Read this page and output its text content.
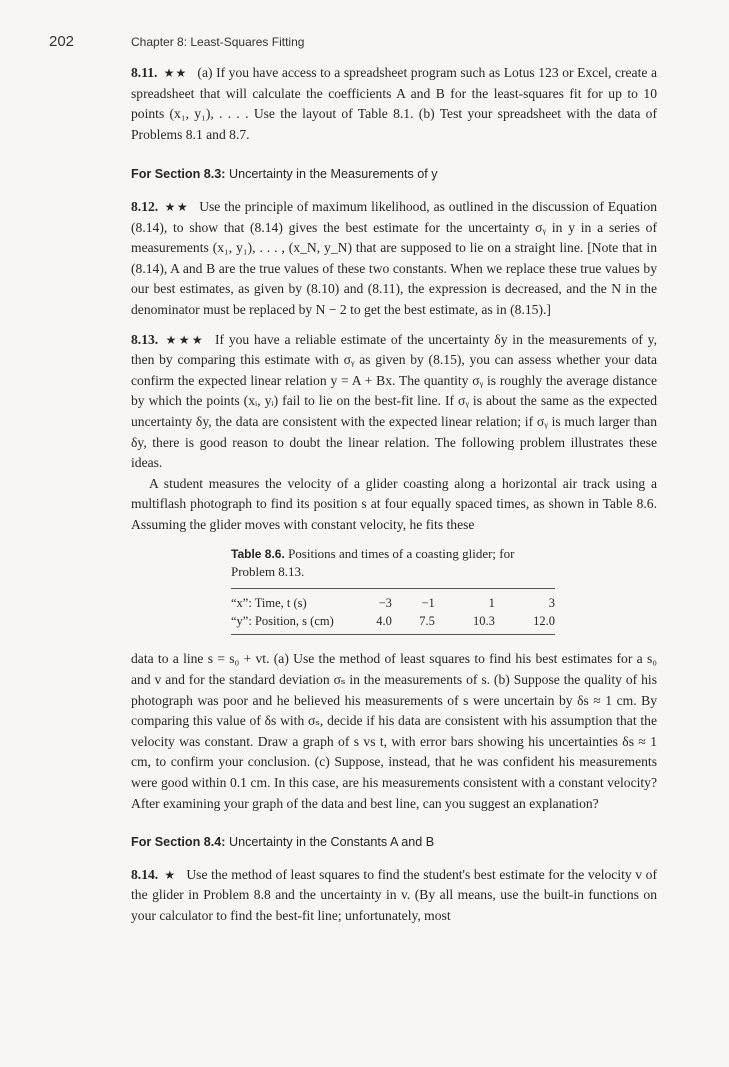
202	Chapter 8: Least-Squares Fitting

8.11. ★★ (a) If you have access to a spreadsheet program such as Lotus 123 or Excel, create a spreadsheet that will calculate the coefficients A and B for the least-squares fit for up to 10 points (x₁, y₁), . . . . Use the layout of Table 8.1. (b) Test your spreadsheet with the data of Problems 8.1 and 8.7.

For Section 8.3: Uncertainty in the Measurements of y

8.12. ★★ Use the principle of maximum likelihood, as outlined in the discussion of Equation (8.14), to show that (8.14) gives the best estimate for the uncertainty σᵧ in y in a series of measurements (x₁, y₁), . . . , (x_N, y_N) that are supposed to lie on a straight line. [Note that in (8.14), A and B are the true values of these two constants. When we replace these true values by our best estimates, as given by (8.10) and (8.11), the expression is decreased, and the N in the denominator must be replaced by N − 2 to get the best estimate, as in (8.15).]

8.13. ★★★ If you have a reliable estimate of the uncertainty δy in the measurements of y, then by comparing this estimate with σᵧ as given by (8.15), you can assess whether your data confirm the expected linear relation y = A + Bx. The quantity σᵧ is roughly the average distance by which the points (xᵢ, yᵢ) fail to lie on the best-fit line. If σᵧ is about the same as the expected uncertainty δy, the data are consistent with the expected linear relation; if σᵧ is much larger than δy, there is good reason to doubt the linear relation. The following problem illustrates these ideas.

A student measures the velocity of a glider coasting along a horizontal air track using a multiflash photograph to find its position s at four equally spaced times, as shown in Table 8.6. Assuming the glider moves with constant velocity, he fits these

Table 8.6. Positions and times of a coasting glider; for Problem 8.13.
“x”: Time, t (s)	−3	−1	1	3
“y”: Position, s (cm)	4.0	7.5	10.3	12.0

data to a line s = s₀ + vt. (a) Use the method of least squares to find his best estimates for a s₀ and v and for the standard deviation σₛ in the measurements of s. (b) Suppose the quality of his photograph was poor and he believed his measurements of s were uncertain by δs ≈ 1 cm. By comparing this value of δs with σₛ, decide if his data are consistent with his assumption that the velocity was constant. Draw a graph of s vs t, with error bars showing his uncertainties δs ≈ 1 cm, to confirm your conclusion. (c) Suppose, instead, that he was confident his measurements were good within 0.1 cm. In this case, are his measurements consistent with a constant velocity? After examining your graph of the data and best line, can you suggest an explanation?

For Section 8.4: Uncertainty in the Constants A and B

8.14. ★ Use the method of least squares to find the student's best estimate for the velocity v of the glider in Problem 8.8 and the uncertainty in v. (By all means, use the built-in functions on your calculator to find the best-fit line; unfortunately, most
